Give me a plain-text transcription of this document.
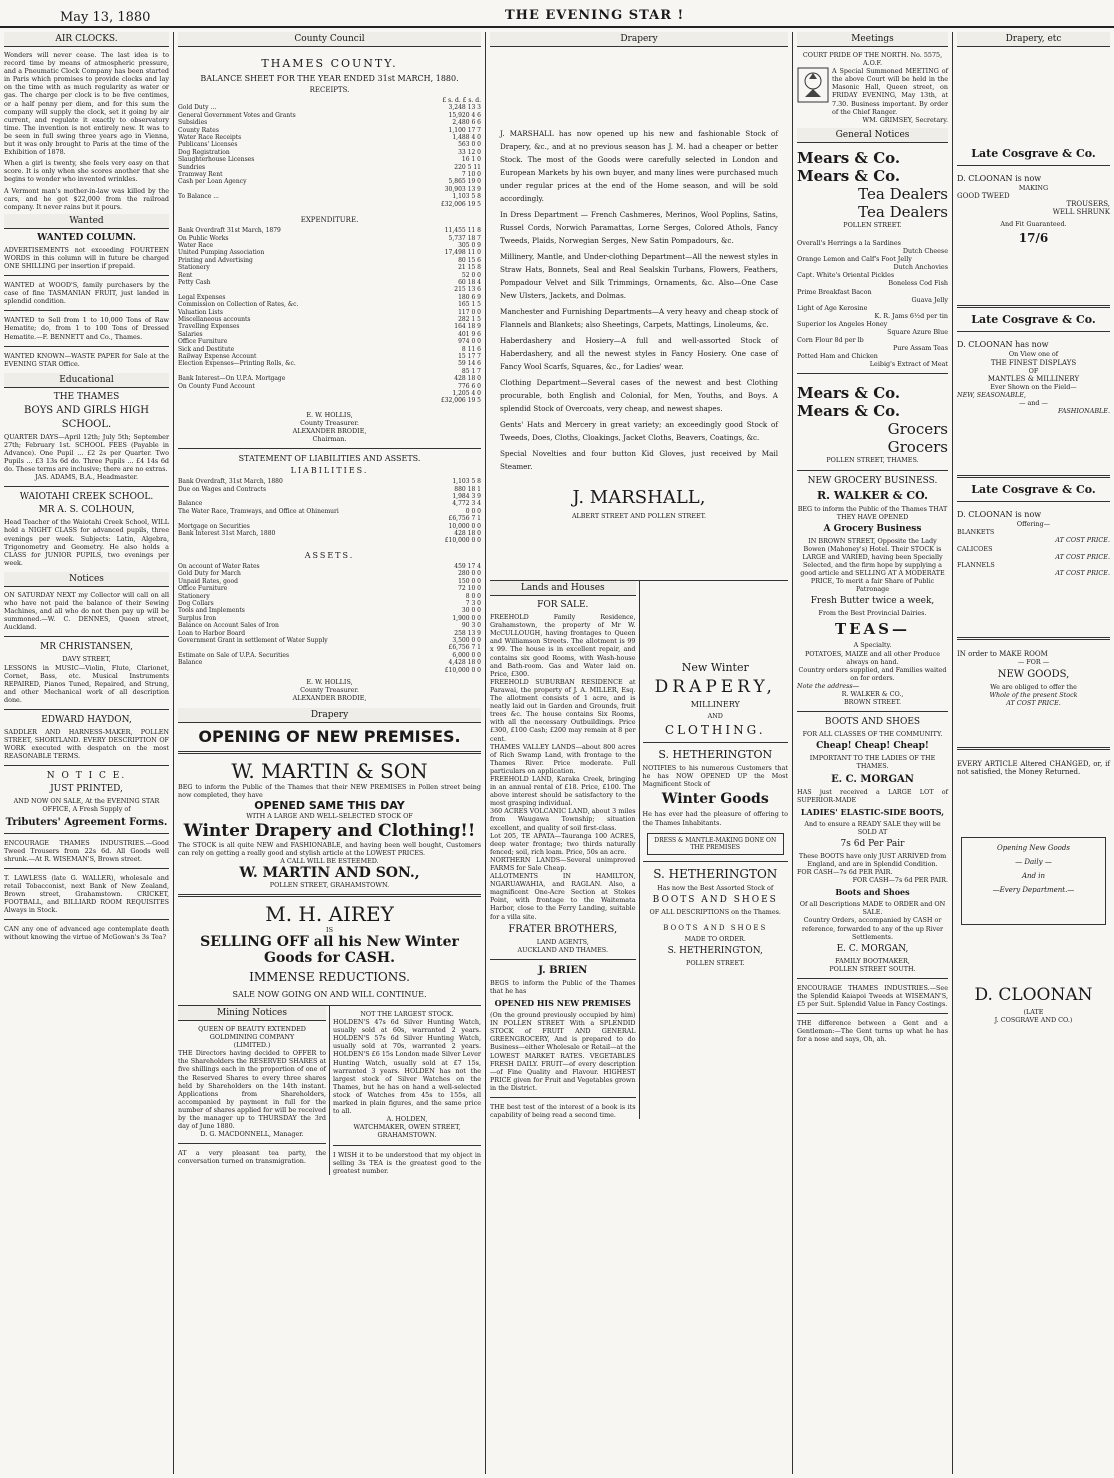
May 13, 1880	THE EVENING STAR !
AIR CLOCKS.

Wonders will never cease. The last idea is to record time by means of atmospheric pressure, and a Pneumatic Clock Company has been started in Paris which promises to provide clocks and lay on the time with as much regularity as water or gas. The charge per clock is to be five centimes, or a half penny per diem, and for this sum the company will supply the clock, set it going by air current, and regulate it exactly to observatory time. The invention is not entirely new. It was to be seen in full swing three years ago in Vienna, but it was only brought to Paris at the time of the Exhibition of 1878.

When a girl is twenty, she feels very easy on that score. It is only when she scores another that she begins to wonder who invented wrinkles.

A Vermont man's mother-in-law was killed by the cars, and he got $22,000 from the railroad company. It never rains but it pours.

Wanted
WANTED COLUMN.
ADVERTISEMENTS not exceeding FOURTEEN WORDS in this column will in future be charged ONE SHILLING per insertion if prepaid.
WANTED at WOOD'S, family purchasers by the case of fine TASMANIAN FRUIT, just landed in splendid condition.
WANTED to Sell from 1 to 10,000 Tons of Raw Hematite; do, from 1 to 100 Tons of Dressed Hematite.—F. BENNETT and Co., Thames.
WANTED KNOWN—WASTE PAPER for Sale at the EVENING STAR Office.
Educational
THE THAMES
BOYS AND GIRLS HIGH
SCHOOL.
QUARTER DAYS—April 12th; July 5th; September 27th; February 1st. SCHOOL FEES (Payable in Advance). One Pupil ... £2 2s per Quarter. Two Pupils ... £3 13s 6d do. Three Pupils ... £4 14s 6d do. These terms are inclusive; there are no extras.
JAS. ADAMS, B.A., Headmaster.
WAIOTAHI CREEK SCHOOL.
MR A. S. COLHOUN,
Head Teacher of the Waiotahi Creek School, WILL hold a NIGHT CLASS for advanced pupils, three evenings per week. Subjects: Latin, Algebra, Trigonometry and Geometry. He also holds a CLASS for JUNIOR PUPILS, two evenings per week.
Notices
ON SATURDAY NEXT my Collector will call on all who have not paid the balance of their Sewing Machines, and all who do not then pay up will be summoned.—W. C. DENNES, Queen street, Auckland.
MR CHRISTANSEN,
DAVY STREET,
LESSONS in MUSIC—Violin, Flute, Clarionet, Cornet, Bass, etc. Musical Instruments REPAIRED, Pianos Tuned, Repaired, and Strung, and other Mechanical work of all description done.
EDWARD HAYDON,
SADDLER AND HARNESS-MAKER, POLLEN STREET, SHORTLAND. EVERY DESCRIPTION OF WORK executed with despatch on the most REASONABLE TERMS.
N O T I C E.
JUST PRINTED,
AND NOW ON SALE, At the EVENING STAR OFFICE, A Fresh Supply of
Tributers' Agreement Forms.
ENCOURAGE THAMES INDUSTRIES.—Good Tweed Trousers from 22s 6d. All Goods well shrunk.—At R. WISEMAN'S, Brown street.
T. LAWLESS (late G. WALLER), wholesale and retail Tobacconist, next Bank of New Zealand, Brown street, Grahamstown. CRICKET, FOOTBALL, and BILLIARD ROOM REQUISITES Always in Stock.
CAN any one of advanced age contemplate death without knowing the virtue of McGowan's 3s Tea?
County Council
THAMES COUNTY.
BALANCE SHEET FOR THE YEAR ENDED 31st MARCH, 1880.
RECEIPTS.
£ s. d. £ s. d.
Gold Duty ...	3,248 13 3
General Government Votes and Grants	15,920 4 6
Subsidies	2,480 6 6
County Rates	1,100 17 7
Water Race Receipts	1,488 4 0
Publicans' Licenses	563 0 0
Dog Registration	33 12 0
Slaughterhouse Licenses	16 1 0
Sundries	220 5 11
Tramway Rent	7 10 0
Cash per Loan Agency	5,865 19 0
30,903 13 9
To Balance ...	1,103 5 8
£32,006 19 5
EXPENDITURE.
Bank Overdraft 31st March, 1879	11,455 11 8
On Public Works	5,737 18 7
Water Race	305 0 9
United Pumping Association	17,498 11 0
Printing and Advertising	80 15 6
Stationery	21 15 8
Rent	52 0 0
Petty Cash	60 18 4
215 13 6
Legal Expenses	180 6 9
Commission on Collection of Rates, &c.	165 1 5
Valuation Lists	117 0 0
Miscellaneous accounts	282 1 5
Travelling Expenses	164 18 9
Salaries	401 9 6
Office Furniture	974 0 0
Sick and Destitute	8 11 6
Railway Expense Account	15 17 7
Election Expenses—Printing Rolls, &c.	59 14 6
85 1 7
Bank Interest—On U.P.A. Mortgage	428 18 0
On County Fund Account	776 6 0
1,205 4 0
£32,006 19 5
E. W. HOLLIS,
County Treasurer.
ALEXANDER BRODIE,
Chairman.
STATEMENT OF LIABILITIES AND ASSETS.
LIABILITIES.
Bank Overdraft, 31st March, 1880	1,103 5 8
Due on Wages and Contracts	880 18 1
1,984 3 9
Balance	4,772 3 4
The Water Race, Tramways, and Office at Ohinemuri	0 0 0
£6,756 7 1
Mortgage on Securities	10,000 0 0
Bank Interest 31st March, 1880	428 18 0
£10,000 0 0
ASSETS.
On account of Water Rates	459 17 4
Gold Duty for March	280 0 0
Unpaid Rates, good	150 0 0
Office Furniture	72 10 0
Stationery	8 0 0
Dog Collars	7 3 0
Tools and Implements	30 0 0
Surplus Iron	1,900 0 0
Balance on Account Sales of Iron	90 3 0
Loan to Harbor Board	258 13 9
Government Grant in settlement of Water Supply	3,500 0 0
£6,756 7 1
Estimate on Sale of U.P.A. Securities	6,000 0 0
Balance	4,428 18 0
£10,000 0 0
E. W. HOLLIS,
County Treasurer.
ALEXANDER BRODIE,
Drapery
OPENING OF NEW PREMISES.
W. MARTIN & SON
BEG to inform the Public of the Thames that their NEW PREMISES in Pollen street being now completed, they have
OPENED SAME THIS DAY
WITH A LARGE AND WELL-SELECTED STOCK OF
Winter Drapery and Clothing!!
The STOCK is all quite NEW and FASHIONABLE, and having been well bought, Customers can rely on getting a really good and stylish article at the LOWEST PRICES.
A CALL WILL BE ESTEEMED.
W. MARTIN AND SON.,
POLLEN STREET, GRAHAMSTOWN.
M. H. AIREY
IS
SELLING OFF all his New Winter Goods for CASH.
IMMENSE REDUCTIONS.
SALE NOW GOING ON AND WILL CONTINUE.
Mining Notices
QUEEN OF BEAUTY EXTENDED GOLDMINING COMPANY
(LIMITED.)
THE Directors having decided to OFFER to the Shareholders the RESERVED SHARES at five shillings each in the proportion of one of the Reserved Shares to every three shares held by Shareholders on the 14th instant. Applications from Shareholders, accompanied by payment in full for the number of shares applied for will be received by the manager up to THURSDAY the 3rd day of June 1880.
D. G. MACDONNELL, Manager.
AT a very pleasant tea party, the conversation turned on transmigration.
NOT THE LARGEST STOCK.
HOLDEN'S 47s 6d Silver Hunting Watch, usually sold at 60s, warranted 2 years. HOLDEN'S 57s 6d Silver Hunting Watch, usually sold at 70s, warranted 2 years. HOLDEN'S £6 15s London made Silver Lever Hunting Watch, usually sold at £7 15s, warranted 3 years. HOLDEN has not the largest stock of Silver Watches on the Thames, but he has on hand a well-selected stock of Watches from 45s to 155s, all marked in plain figures, and the same price to all.
A. HOLDEN,
WATCHMAKER, OWEN STREET, GRAHAMSTOWN.
I WISH it to be understood that my object in selling 3s TEA is the greatest good to the greatest number.
Drapery

J. MARSHALL has now opened up his new and fashionable Stock of Drapery, &c., and at no previous season has J. M. had a cheaper or better Stock. The most of the Goods were carefully selected in London and European Markets by his own buyer, and many lines were purchased much under regular prices at the end of the Home season, and will be sold accordingly.

In Dress Department — French Cashmeres, Merinos, Wool Poplins, Satins, Russel Cords, Norwich Paramattas, Lorne Serges, Colored Athols, Fancy Tweeds, Plaids, Norwegian Serges, New Satin Pompadours, &c.

Millinery, Mantle, and Under-clothing Department—All the newest styles in Straw Hats, Bonnets, Seal and Real Sealskin Turbans, Flowers, Feathers, Pompadour Velvet and Silk Trimmings, Ornaments, &c. Also—One Case New Ulsters, Jackets, and Dolmas.

Manchester and Furnishing Departments—A very heavy and cheap stock of Flannels and Blankets; also Sheetings, Carpets, Mattings, Linoleums, &c.

Haberdashery and Hosiery—A full and well-assorted Stock of Haberdashery, and all the newest styles in Fancy Hosiery. One case of Fancy Wool Scarfs, Squares, &c., for Ladies' wear.

Clothing Department—Several cases of the newest and best Clothing procurable, both English and Colonial, for Men, Youths, and Boys. A splendid Stock of Overcoats, very cheap, and newest shapes.

Gents' Hats and Mercery in great variety; an exceedingly good Stock of Tweeds, Does, Cloths, Cloakings, Jacket Cloths, Beavers, Coatings, &c.

Special Novelties and four button Kid Gloves, just received by Mail Steamer.

J. MARSHALL,
ALBERT STREET AND POLLEN STREET.
Lands and Houses
FOR SALE.
FREEHOLD Family Residence, Grahamstown, the property of Mr W. McCULLOUGH, having frontages to Queen and Williamson Streets. The allotment is 99 x 99. The house is in excellent repair, and contains six good Rooms, with Wash-house and Bath-room. Gas and Water laid on. Price, £300.
FREEHOLD SUBURBAN RESIDENCE at Parawai, the property of J. A. MILLER, Esq. The allotment consists of 1 acre, and is neatly laid out in Garden and Grounds, fruit trees &c. The house contains Six Rooms, with all the necessary Outbuildings. Price £300, £100 Cash; £200 may remain at 8 per cent.
THAMES VALLEY LANDS—about 800 acres of Rich Swamp Land, with frontage to the Thames River. Price moderate. Full particulars on application.
FREEHOLD LAND, Karaka Creek, bringing in an annual rental of £18. Price, £100. The above interest should be satisfactory to the most grasping individual.
360 ACRES VOLCANIC LAND, about 3 miles from Waugawa Township; situation excellent, and quality of soil first-class.
Lot 205, TE APATA—Tauranga 100 ACRES, deep water frontage; two thirds naturally fenced; soil, rich loam. Price, 50s an acre.
NORTHERN LANDS—Several unimproved FARMS for Sale Cheap.
ALLOTMENTS IN HAMILTON, NGARUAWAHIA, and RAGLAN. Also, a magnificent One-Acre Section at Stokes Point, with frontage to the Waitemata Harbor, close to the Ferry Landing, suitable for a villa site.
FRATER BROTHERS,
LAND AGENTS,
AUCKLAND AND THAMES.
J. BRIEN
BEGS to inform the Public of the Thames that he has
OPENED HIS NEW PREMISES
(On the ground previously occupied by him) IN POLLEN STREET With a SPLENDID STOCK of FRUIT AND GENERAL GREENGROCERY, And is prepared to do Business—either Wholesale or Retail—at the LOWEST MARKET RATES. VEGETABLES FRESH DAILY. FRUIT—of every description—of Fine Quality and Flavour. HIGHEST PRICE given for Fruit and Vegetables grown in the District.
THE best test of the interest of a book is its capability of being read a second time.
New Winter
DRAPERY,
MILLINERY
AND
CLOTHING.
S. HETHERINGTON
NOTIFIES to his numerous Customers that he has NOW OPENED UP the Most Magnificent Stock of
Winter Goods
He has ever had the pleasure of offering to the Thames Inhabitants.
DRESS & MANTLE-MAKING DONE ON THE PREMISES
S. HETHERINGTON
Has now the Best Assorted Stock of
BOOTS AND SHOES
OF ALL DESCRIPTIONS on the Thames.
BOOTS AND SHOES
MADE TO ORDER.
S. HETHERINGTON,
POLLEN STREET.
Meetings
COURT PRIDE OF THE NORTH. No. 5575, A.O.F.
A Special Summoned MEETING of the above Court will be held in the Masonic Hall, Queen street, on FRIDAY EVENING, May 13th, at 7.30. Business important. By order of the Chief Ranger.
WM. GRIMSEY, Secretary.
General Notices
Mears & Co.
Mears & Co.
Tea Dealers
Tea Dealers
POLLEN STREET.
Overall's Herrings a la Sardines
Dutch Cheese
Orange Lemon and Calf's Foot Jelly
Dutch Anchovies
Capt. White's Oriental Pickles
Boneless Cod Fish
Prime Breakfast Bacon
Guava Jelly
Light of Age Kerosine
K. R. Jams 6½d per tin
Superior los Angeles Honey
Square Azure Blue
Corn Flour 8d per lb
Pure Assam Teas
Potted Ham and Chicken
Leibig's Extract of Meat
Mears & Co.
Mears & Co.
Grocers
Grocers
POLLEN STREET, THAMES.
NEW GROCERY BUSINESS.
R. WALKER & CO.
BEG to inform the Public of the Thames THAT THEY HAVE OPENED
A Grocery Business
IN BROWN STREET, Opposite the Lady Bowen (Mahoney's) Hotel. Their STOCK is LARGE and VARIED, having been Specially Selected, and the firm hope by supplying a good article and SELLING AT A MODERATE PRICE, To merit a fair Share of Public Patronage
Fresh Butter twice a week,
From the Best Provincial Dairies.
TEAS—
A Specialty.
POTATOES, MAIZE and all other Produce always on hand.
Country orders supplied, and Families waited on for orders.
Note the address—
R. WALKER & CO.,
BROWN STREET.
BOOTS AND SHOES
FOR ALL CLASSES OF THE COMMUNITY.
Cheap! Cheap! Cheap!
IMPORTANT TO THE LADIES OF THE THAMES.
E. C. MORGAN
HAS just received a LARGE LOT of SUPERIOR-MADE
LADIES' ELASTIC-SIDE BOOTS,
And to ensure a READY SALE they will be SOLD AT
7s 6d Per Pair
These BOOTS have only JUST ARRIVED from England, and are in Splendid Condition.
FOR CASH—7s 6d PER PAIR.
FOR CASH—7s 6d PER PAIR.
Boots and Shoes
Of all Descriptions MADE to ORDER and ON SALE.
Country Orders, accompanied by CASH or reference, forwarded to any of the up River Settlements.
E. C. MORGAN,
FAMILY BOOTMAKER,
POLLEN STREET SOUTH.
ENCOURAGE THAMES INDUSTRIES.—See the Splendid Kaiapoi Tweeds at WISEMAN'S, £5 per Suit. Splendid Value in Fancy Costings.
THE difference between a Gent and a Gentleman:—The Gent turns up what he has for a nose and says, Oh, ah.
Drapery, etc
Late Cosgrave & Co.
D. CLOONAN is now
MAKING
GOOD TWEED
TROUSERS,
WELL SHRUNK
And Fit Guaranteed.
17/6
Late Cosgrave & Co.
D. CLOONAN has now
On View one of
THE FINEST DISPLAYS
OF
MANTLES & MILLINERY
Ever Shown on the Field—
NEW, SEASONABLE,
— and —
FASHIONABLE.
Late Cosgrave & Co.
D. CLOONAN is now
Offering—
BLANKETS
AT COST PRICE.
CALICOES
AT COST PRICE.
FLANNELS
AT COST PRICE.
IN order to MAKE ROOM
— FOR —
NEW GOODS,
We are obliged to offer the
Whole of the present Stock
AT COST PRICE.
EVERY ARTICLE Altered CHANGED, or, if not satisfied, the Money Returned.
Opening New Goods
— Daily —
And in
—Every Department.—
D. CLOONAN
(LATE
J. COSGRAVE AND CO.)
